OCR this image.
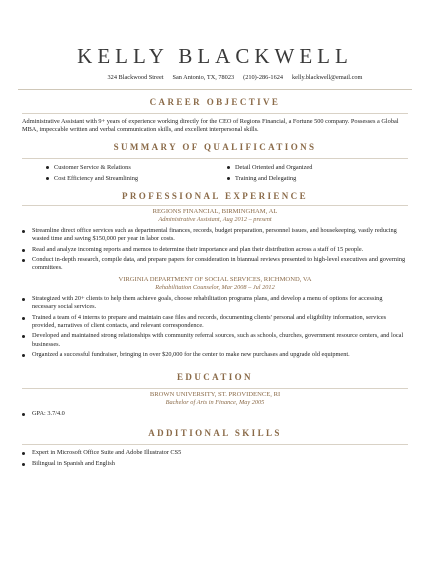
KELLY BLACKWELL
324 Blackwood Street San Antonio, TX, 78023 (210)-286-1624 kelly.blackwell@email.com
CAREER OBJECTIVE

Administrative Assistant with 9+ years of experience working directly for the CEO of Regions Financial, a Fortune 500 company. Possesses a Global MBA, impeccable written and verbal communication skills, and excellent interpersonal skills.

SUMMARY OF QUALIFICATIONS
Customer Service & Relations	Detail Oriented and Organized
Cost Efficiency and Streamlining	Training and Delegating
PROFESSIONAL EXPERIENCE

REGIONS FINANCIAL, BIRMINGHAM, AL

Administrative Assistant, Aug 2012 – present

Streamline direct office services such as departmental finances, records, budget preparation, personnel issues, and housekeeping, vastly reducing wasted time and saving $150,000 per year in labor costs.
Read and analyze incoming reports and memos to determine their importance and plan their distribution across a staff of 15 people.
Conduct in-depth research, compile data, and prepare papers for consideration in biannual reviews presented to high-level executives and governing committees.

VIRGINIA DEPARTMENT OF SOCIAL SERVICES, RICHMOND, VA

Rehabilitation Counselor, Mar 2008 – Jul 2012

Strategized with 20+ clients to help them achieve goals, choose rehabilitation programs plans, and develop a menu of options for accessing necessary social services.
Trained a team of 4 interns to prepare and maintain case files and records, documenting clients' personal and eligibility information, services provided, narratives of client contacts, and relevant correspondence.
Developed and maintained strong relationships with community referral sources, such as schools, churches, government resource centers, and local businesses.
Organized a successful fundraiser, bringing in over $20,000 for the center to make new purchases and upgrade old equipment.
EDUCATION

BROWN UNIVERSITY, ST. PROVIDENCE, RI

Bachelor of Arts in Finance, May 2005

GPA: 3.7/4.0
ADDITIONAL SKILLS
Expert in Microsoft Office Suite and Adobe Illustrator CS5
Bilingual in Spanish and English
